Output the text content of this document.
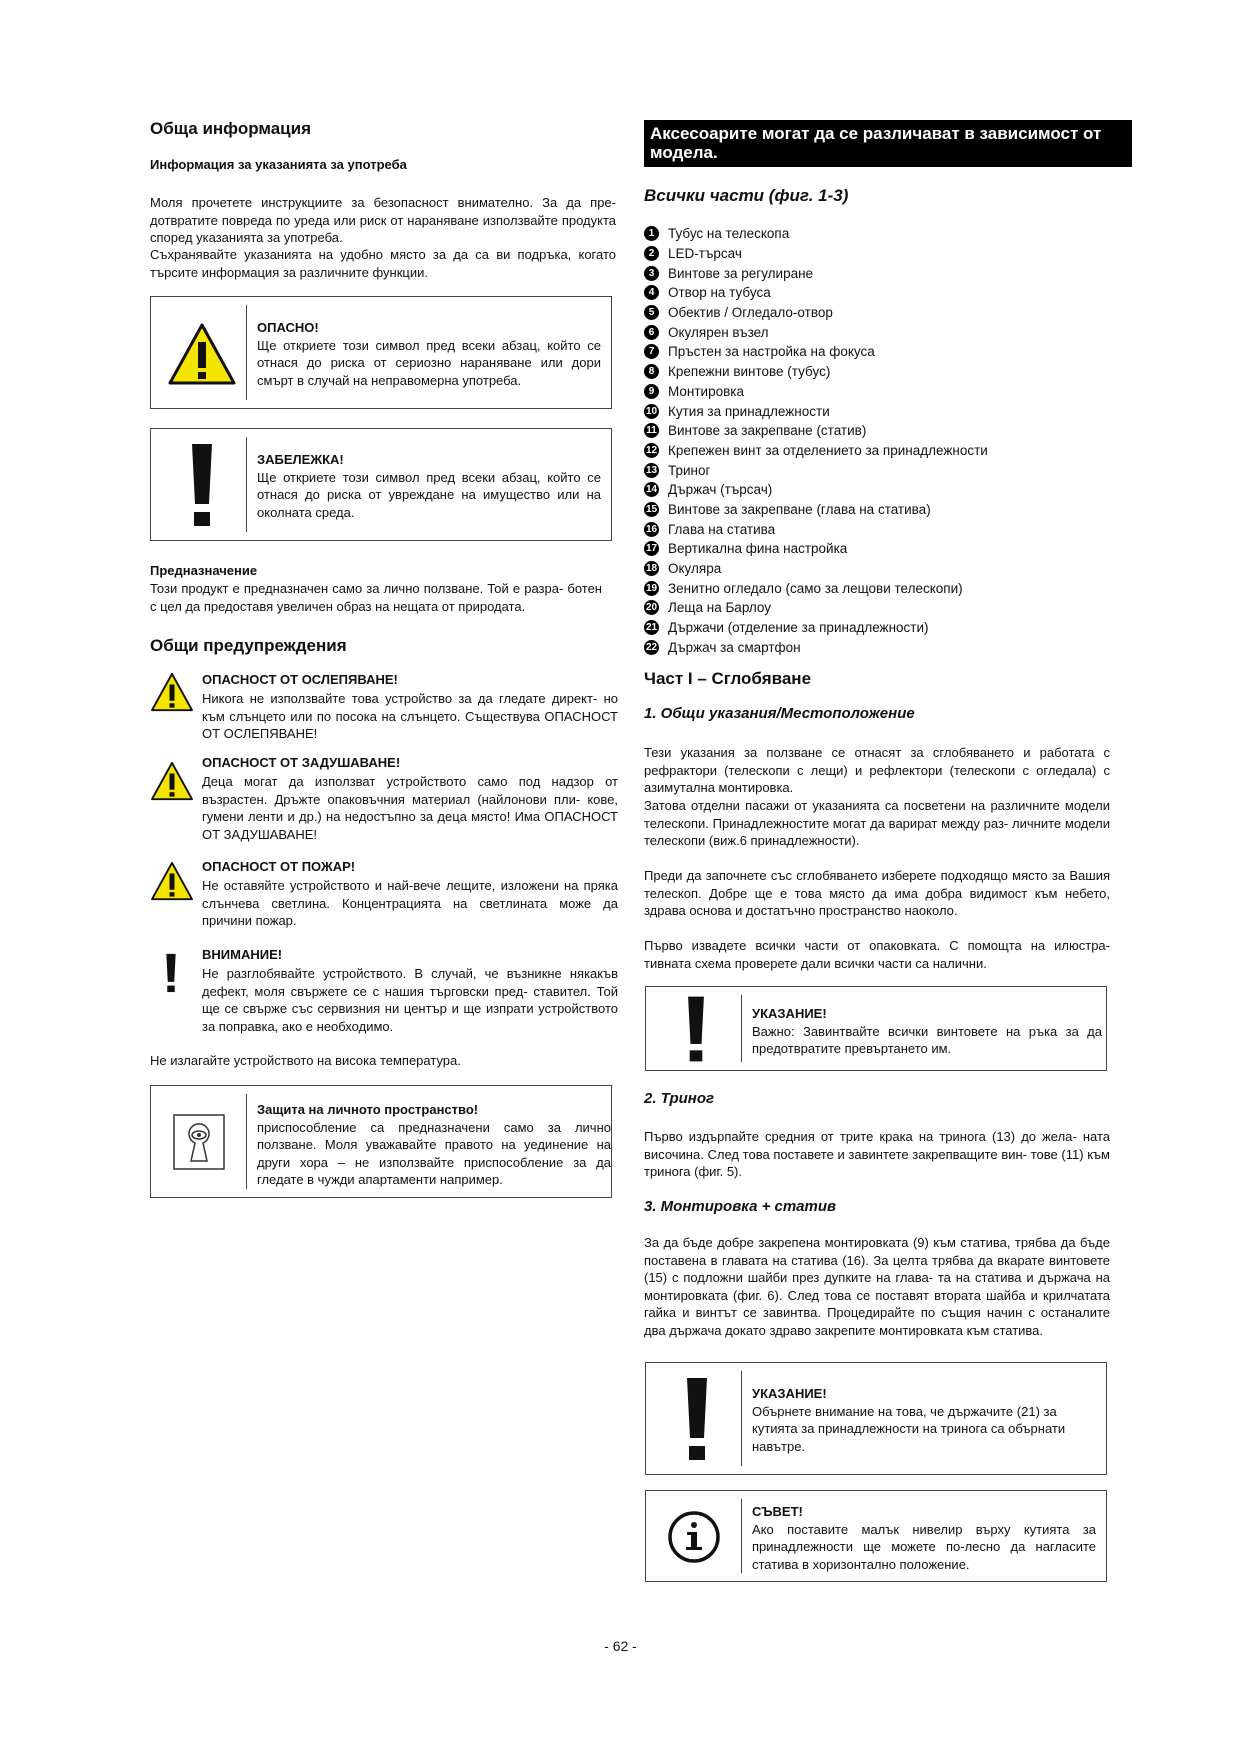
Обща информация
Информация за указанията за употреба

Моля прочетете инструкциите за безопасност внимателно. За да пре- дотвратите повреда по уреда или риск от нараняване използвайте продукта според указанията за употреба.

Съхранявайте указанията на удобно място за да са ви подръка, когато търсите информация за различните функции.

ОПАСНО!
Ще откриете този символ пред всеки абзац, който се отнася до риска от сериозно нараняване или дори смърт в случай на неправомерна употреба.
ЗАБЕЛЕЖКА!
Ще откриете този символ пред всеки абзац, който се отнася до риска от увреждане на имущество или на околната среда.
Предназначение

Този продукт е предназначен само за лично ползване. Той е разра- ботен с цел да предоставя увеличен образ на нещата от природата.

Общи предупреждения
ОПАСНОСТ ОТ ОСЛЕПЯВАНЕ!
Никога не използвайте това устройство за да гледате директ- но към слънцето или по посока на слънцето. Съществува ОПАСНОСТ ОТ ОСЛЕПЯВАНЕ!
ОПАСНОСТ ОТ ЗАДУШАВАНЕ!
Деца могат да използват устройството само под надзор от възрастен. Дръжте опаковъчния материал (найлонови пли- кове, гумени ленти и др.) на недостъпно за деца място! Има ОПАСНОСТ ОТ ЗАДУШАВАНЕ!
ОПАСНОСТ ОТ ПОЖАР!
Не оставяйте устройството и най-вече лещите, изложени на пряка слънчева светлина. Концентрацията на светлината може да причини пожар.
ВНИМАНИЕ!
Не разглобявайте устройството. В случай, че възникне някакъв дефект, моля свържете се с нашия търговски пред- ставител. Той ще се свърже със сервизния ни център и ще изпрати устройството за поправка, ако е необходимо.

Не излагайте устройството на висока температура.

Защита на личното пространство!
приспособление са предназначени само за лично ползване. Моля уважавайте правото на уединение на други хора – не използвайте приспособление за да гледате в чужди апартаменти например.
Аксесоарите могат да се различават в зависимост от модела.
Всички части (фиг. 1-3)
1	Тубус на телескопа
2	LED-търсач
3	Винтове за регулиране
4	Отвор на тубуса
5	Обектив / Огледало-отвор
6	Окулярен възел
7	Пръстен за настройка на фокуса
8	Крепежни винтове (тубус)
9	Монтировка
10 Кутия за принадлежности
11 Винтове за закрепване (статив)
12 Крепежен винт за отделението за принадлежности
13 Триног
14 Държач (търсач)
15 Винтове за закрепване (глава на статива)
16 Глава на статива
17 Вертикална фина настройка
18 Окуляра
19 Зенитно огледало (само за лещови телескопи)
20 Леща на Барлоу
21 Държачи (отделение за принадлежности)
22 Държач за смартфон
Част I – Сглобяване
1. Общи указания/Местоположение

Тези указания за ползване се отнасят за сглобяването и работата с рефрактори (телескопи с лещи) и рефлектори (телескопи с огледала) с азимутална монтировка.

Затова отделни пасажи от указанията са посветени на различните модели телескопи. Принадлежностите могат да варират между раз- личните модели телескопи (виж.6 принадлежности).

Преди да започнете със сглобяването изберете подходящо място за Вашия телескоп. Добре ще е това място да има добра видимост към небето, здрава основа и достатъчно пространство наоколо.

Първо извадете всички части от опаковката. С помощта на илюстра- тивната схема проверете дали всички части са налични.

УКАЗАНИЕ!
Важно: Завинтвайте всички винтовете на ръка за да предотвратите превъртането им.
2. Триног

Първо издърпайте средния от трите крака на тринога (13) до жела- ната височина. След това поставете и завинтете закрепващите вин- тове (11) към тринога (фиг. 5).

3. Монтировка + статив

За да бъде добре закрепена монтировката (9) към статива, трябва да бъде поставена в главата на статива (16). За целта трябва да вкарате винтовете (15) с подложни шайби през дупките на глава- та на статива и държача на монтировката (фиг. 6). След това се поставят втората шайба и крилчатата гайка и винтът се завинтва. Процедирайте по същия начин с останалите два държача докато здраво закрепите монтировката към статива.

УКАЗАНИЕ!
Обърнете внимание на това, че държачите (21) за кутията за принадлежности на тринога са обърнати навътре.
СЪВЕТ!
Ако поставите малък нивелир върху кутията за принадлежности ще можете по-лесно да нагласите статива в хоризонтално положение.
- 62 -
